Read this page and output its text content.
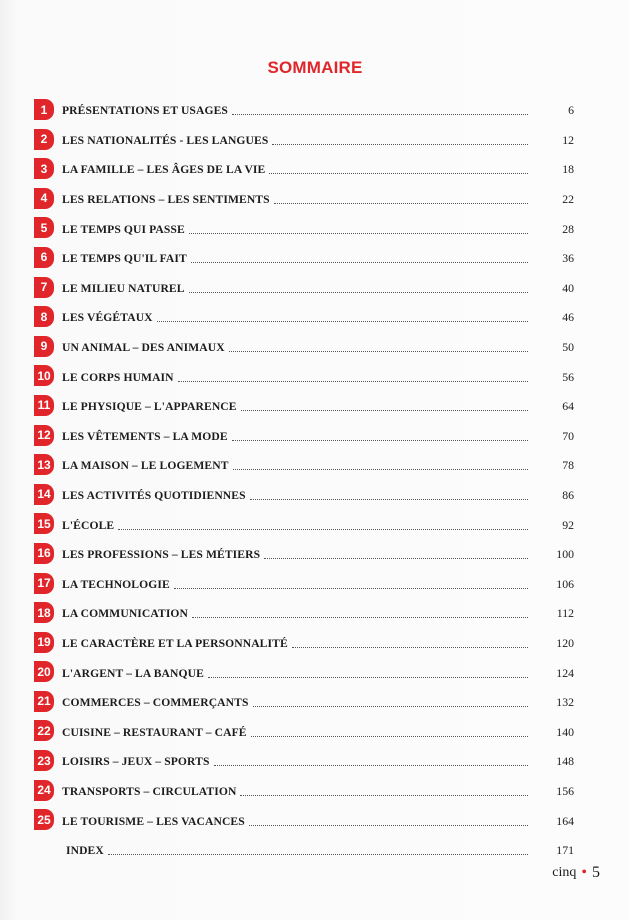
SOMMAIRE
1	PRÉSENTATIONS ET USAGES	6
2	LES NATIONALITÉS - LES LANGUES	12
3	LA FAMILLE – LES ÂGES DE LA VIE	18
4	LES RELATIONS – LES SENTIMENTS	22
5	LE TEMPS QUI PASSE	28
6	LE TEMPS QU'IL FAIT	36
7	LE MILIEU NATUREL	40
8	LES VÉGÉTAUX	46
9	UN ANIMAL – DES ANIMAUX	50
10 LE CORPS HUMAIN	56
11	LE PHYSIQUE – L'APPARENCE	64
12 LES VÊTEMENTS – LA MODE	70
13 LA MAISON – LE LOGEMENT	78
14 LES ACTIVITÉS QUOTIDIENNES	86
15 L'ÉCOLE	92
16 LES PROFESSIONS – LES MÉTIERS	100
17 LA TECHNOLOGIE	106
18 LA COMMUNICATION	112
19 LE CARACTÈRE ET LA PERSONNALITÉ	120
20 L'ARGENT – LA BANQUE	124
21 COMMERCES – COMMERÇANTS	132
22 CUISINE – RESTAURANT – CAFÉ	140
23 LOISIRS – JEUX – SPORTS	148
24 TRANSPORTS – CIRCULATION	156
25 LE TOURISME – LES VACANCES	164
INDEX	171
cinq • 5
